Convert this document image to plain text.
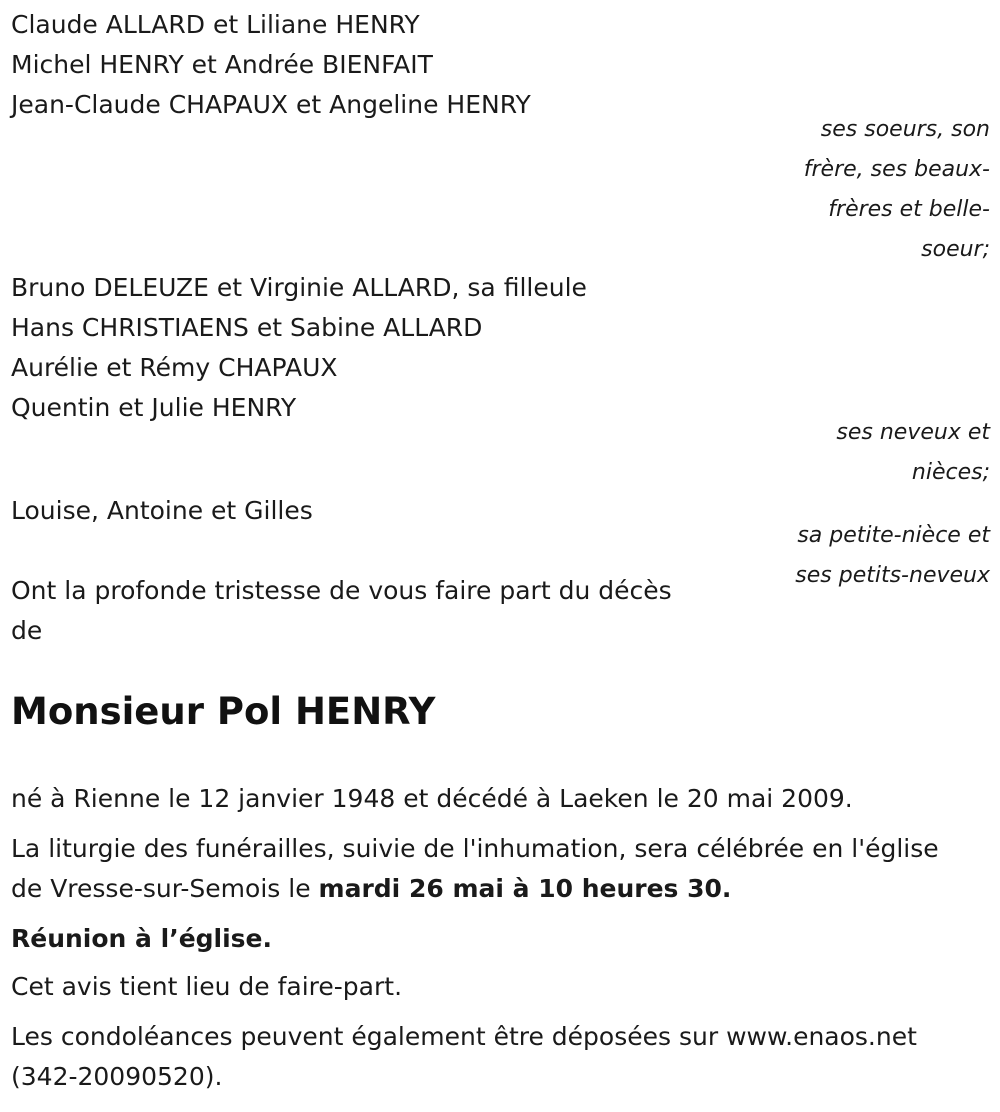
Claude ALLARD et Liliane HENRY
Michel HENRY et Andrée BIENFAIT
Jean-Claude CHAPAUX et Angeline HENRY
ses soeurs, son
frère, ses beaux-
frères et belle-
soeur;
Bruno DELEUZE et Virginie ALLARD, sa filleule
Hans CHRISTIAENS et Sabine ALLARD
Aurélie et Rémy CHAPAUX
Quentin et Julie HENRY
ses neveux et
nièces;
Louise, Antoine et Gilles
sa petite-nièce et
ses petits-neveux
Ont la profonde tristesse de vous faire part du décès
de
Monsieur Pol HENRY
né à Rienne le 12 janvier 1948 et décédé à Laeken le 20 mai 2009.
La liturgie des funérailles, suivie de l'inhumation, sera célébrée en l'église
de Vresse-sur-Semois le mardi 26 mai à 10 heures 30.
Réunion à l’église.
Cet avis tient lieu de faire-part.
Les condoléances peuvent également être déposées sur www.enaos.net
(342-20090520).
